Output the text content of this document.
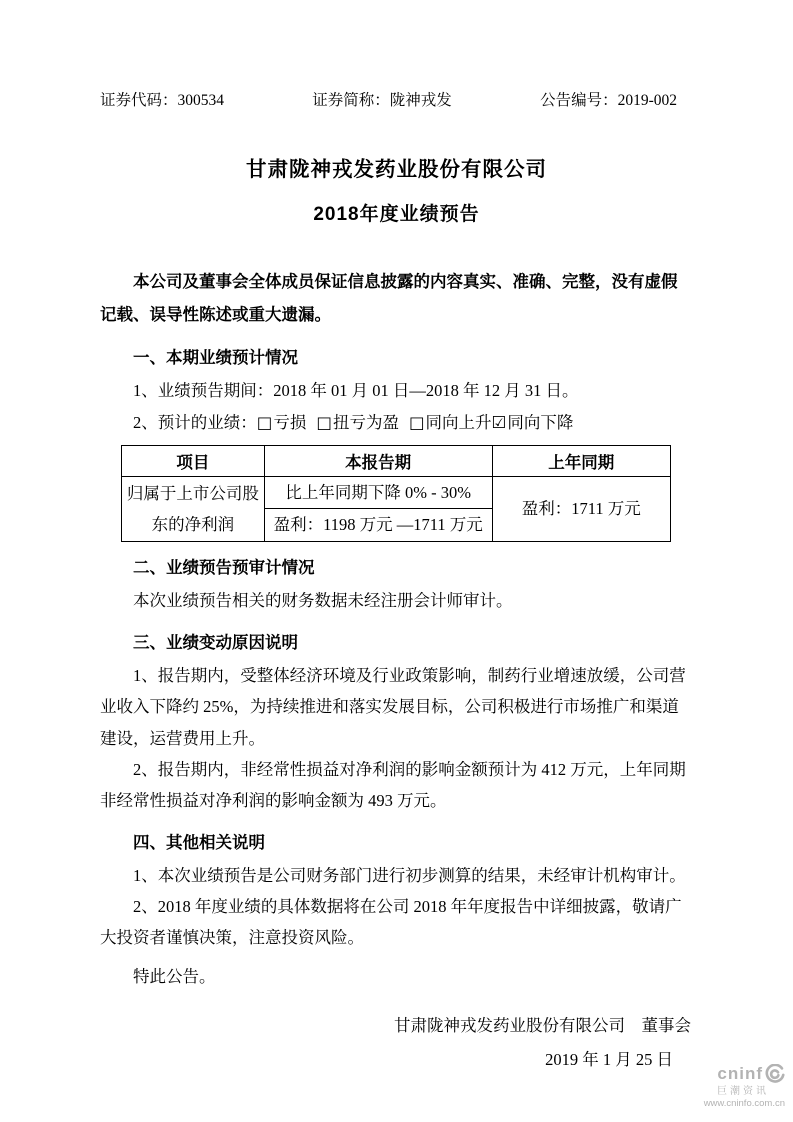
证券代码：300534	证券简称：陇神戎发	公告编号：2019-002
甘肃陇神戎发药业股份有限公司
2018年度业绩预告

本公司及董事会全体成员保证信息披露的内容真实、准确、完整，没有虚假记载、误导性陈述或重大遗漏。

一、本期业绩预计情况

1、业绩预告期间：2018 年 01 月 01 日—2018 年 12 月 31 日。

2、预计的业绩：□亏损 □扭亏为盈 □同向上升☑同向下降

项目	本报告期	上年同期
归属于上市公司股东的净利润	比上年同期下降 0% - 30%	盈利：1711 万元
	盈利：1198 万元 —1711 万元	
二、业绩预告预审计情况

本次业绩预告相关的财务数据未经注册会计师审计。

三、业绩变动原因说明

1、报告期内，受整体经济环境及行业政策影响，制药行业增速放缓，公司营业收入下降约 25%，为持续推进和落实发展目标，公司积极进行市场推广和渠道建设，运营费用上升。

2、报告期内，非经常性损益对净利润的影响金额预计为 412 万元，上年同期非经常性损益对净利润的影响金额为 493 万元。

四、其他相关说明

1、本次业绩预告是公司财务部门进行初步测算的结果，未经审计机构审计。

2、2018 年度业绩的具体数据将在公司 2018 年年度报告中详细披露，敬请广大投资者谨慎决策，注意投资风险。

特此公告。

甘肃陇神戎发药业股份有限公司　董事会
2019 年 1 月 25 日
cninf
巨潮资讯
www.cninfo.com.cn
